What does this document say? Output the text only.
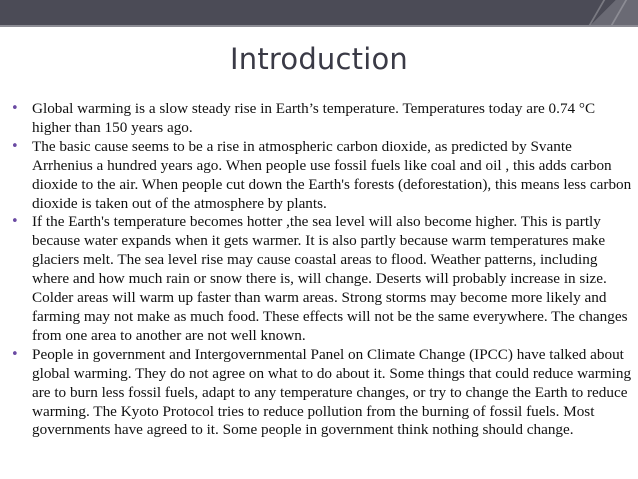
Introduction
• Global warming is a slow steady rise in Earth’s temperature. Temperatures today are 0.74 °C higher than 150 years ago.
• The basic cause seems to be a rise in atmospheric carbon dioxide, as predicted by Svante Arrhenius a hundred years ago. When people use fossil fuels like coal and oil , this adds carbon dioxide to the air. When people cut down the Earth's forests (deforestation), this means less carbon dioxide is taken out of the atmosphere by plants.
• If the Earth's temperature becomes hotter ,the sea level will also become higher. This is partly because water expands when it gets warmer. It is also partly because warm temperatures make glaciers melt. The sea level rise may cause coastal areas to flood. Weather patterns, including where and how much rain or snow there is, will change. Deserts will probably increase in size. Colder areas will warm up faster than warm areas. Strong storms may become more likely and farming may not make as much food. These effects will not be the same everywhere. The changes from one area to another are not well known.
• People in government and Intergovernmental Panel on Climate Change (IPCC) have talked about global warming. They do not agree on what to do about it. Some things that could reduce warming are to burn less fossil fuels, adapt to any temperature changes, or try to change the Earth to reduce warming. The Kyoto Protocol tries to reduce pollution from the burning of fossil fuels. Most governments have agreed to it. Some people in government think nothing should change.
